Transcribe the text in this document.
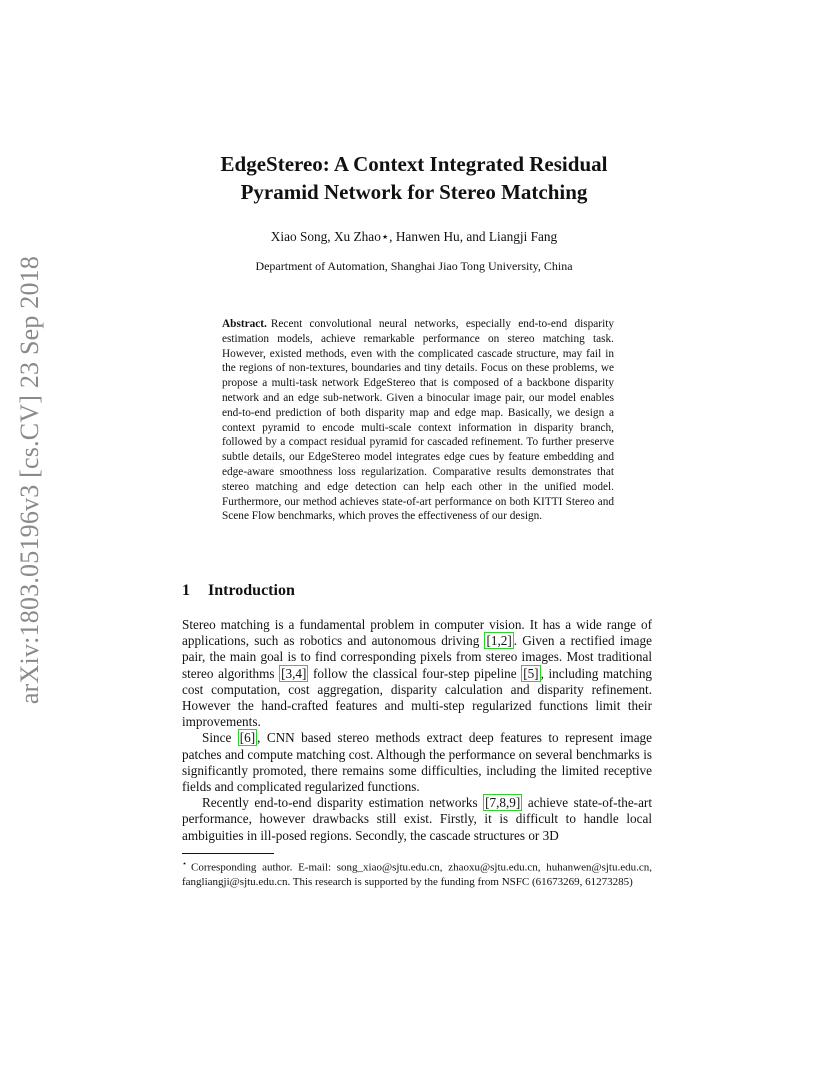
arXiv:1803.05196v3 [cs.CV] 23 Sep 2018
EdgeStereo: A Context Integrated Residual
Pyramid Network for Stereo Matching
Xiao Song, Xu Zhao⋆, Hanwen Hu, and Liangji Fang
Department of Automation, Shanghai Jiao Tong University, China

Abstract. Recent convolutional neural networks, especially end-to-end disparity estimation models, achieve remarkable performance on stereo matching task. However, existed methods, even with the complicated cascade structure, may fail in the regions of non-textures, boundaries and tiny details. Focus on these problems, we propose a multi-task network EdgeStereo that is composed of a backbone disparity network and an edge sub-network. Given a binocular image pair, our model enables end-to-end prediction of both disparity map and edge map. Basically, we design a context pyramid to encode multi-scale context information in disparity branch, followed by a compact residual pyramid for cascaded refinement. To further preserve subtle details, our EdgeStereo model integrates edge cues by feature embedding and edge-aware smoothness loss regularization. Comparative results demonstrates that stereo matching and edge detection can help each other in the unified model. Furthermore, our method achieves state-of-art performance on both KITTI Stereo and Scene Flow benchmarks, which proves the effectiveness of our design.

1 Introduction

Stereo matching is a fundamental problem in computer vision. It has a wide range of applications, such as robotics and autonomous driving [1,2] . Given a rectified image pair, the main goal is to find corresponding pixels from stereo images. Most traditional stereo algorithms [3,4] follow the classical four-step pipeline [5] , including matching cost computation, cost aggregation, disparity calculation and disparity refinement. However the hand-crafted features and multi-step regularized functions limit their improvements.

Since [6] , CNN based stereo methods extract deep features to represent image patches and compute matching cost. Although the performance on several benchmarks is significantly promoted, there remains some difficulties, including the limited receptive fields and complicated regularized functions.

Recently end-to-end disparity estimation networks [7,8,9] achieve state-of-the-art performance, however drawbacks still exist. Firstly, it is difficult to handle local ambiguities in ill-posed regions. Secondly, the cascade structures or 3D

⋆ Corresponding author. E-mail: song_xiao@sjtu.edu.cn, zhaoxu@sjtu.edu.cn, huhanwen@sjtu.edu.cn, fangliangji@sjtu.edu.cn. This research is supported by the funding from NSFC (61673269, 61273285)
